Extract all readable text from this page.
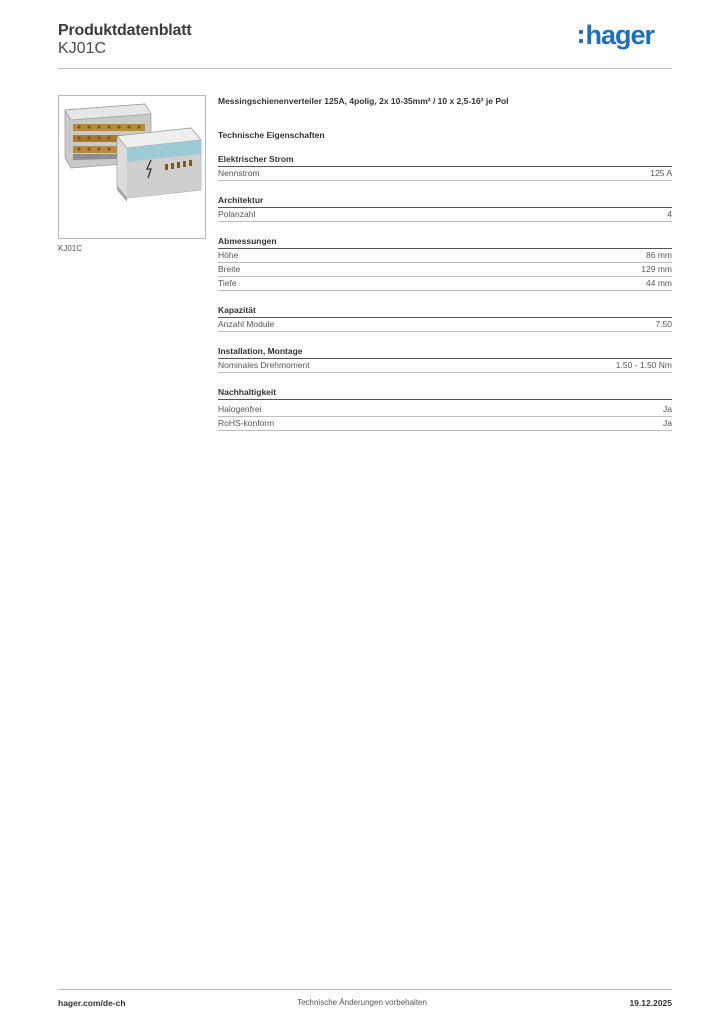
Produktdatenblatt
KJ01C	hager
KJ01C

Messingschienenverteiler 125A, 4polig, 2x 10-35mm² / 10 x 2,5-16² je Pol

Technische Eigenschaften
Elektrischer Strom
Nennstrom	125 A
Architektur
Polanzahl	4
Abmessungen
Höhe	86 mm
Breite	129 mm
Tiefe	44 mm
Kapazität
Anzahl Module	7.50
Installation, Montage
Nominales Drehmoment	1.50 - 1.50 Nm
Nachhaltigkeit
Halogenfrei	Ja
RoHS-konform	Ja
hager.com/de-ch	Technische Änderungen vorbehalten	19.12.2025
